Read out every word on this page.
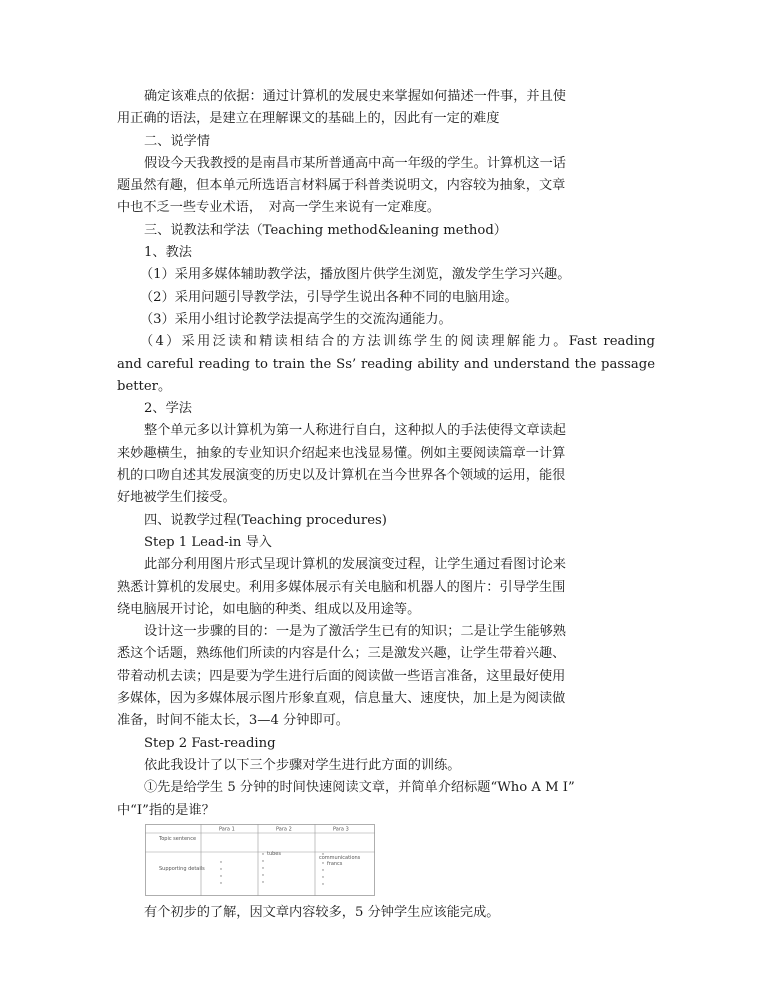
确定该难点的依据：通过计算机的发展史来掌握如何描述一件事，并且使
用正确的语法，是建立在理解课文的基础上的，因此有一定的难度
二、说学情
假设今天我教授的是南昌市某所普通高中高一年级的学生。计算机这一话
题虽然有趣，但本单元所选语言材料属于科普类说明文，内容较为抽象，文章
中也不乏一些专业术语，　对高一学生来说有一定难度。
三、说教法和学法（Teaching method&leaning method）
1、教法
（1）采用多媒体辅助教学法，播放图片供学生浏览，激发学生学习兴趣。
（2）采用问题引导教学法，引导学生说出各种不同的电脑用途。
（3）采用小组讨论教学法提高学生的交流沟通能力。
（4）采用泛读和精读相结合的方法训练学生的阅读理解能力。Fast reading
and careful reading to train the Ss’ reading ability and understand the passage
better。
2、学法
整个单元多以计算机为第一人称进行自白，这种拟人的手法使得文章读起
来妙趣横生，抽象的专业知识介绍起来也浅显易懂。例如主要阅读篇章一计算
机的口吻自述其发展演变的历史以及计算机在当今世界各个领域的运用，能很
好地被学生们接受。
四、说教学过程(Teaching procedures)
Step 1 Lead-in 导入
此部分利用图片形式呈现计算机的发展演变过程，让学生通过看图讨论来
熟悉计算机的发展史。利用多媒体展示有关电脑和机器人的图片：引导学生围
绕电脑展开讨论，如电脑的种类、组成以及用途等。
设计这一步骤的目的：一是为了激活学生已有的知识；二是让学生能够熟
悉这个话题，熟练他们所读的内容是什么；三是激发兴趣，让学生带着兴趣、
带着动机去读；四是要为学生进行后面的阅读做一些语言准备，这里最好使用
多媒体，因为多媒体展示图片形象直观，信息量大、速度快，加上是为阅读做
准备，时间不能太长，3—4 分钟即可。
Step 2 Fast-reading
依此我设计了以下三个步骤对学生进行此方面的训练。
①先是给学生 5 分钟的时间快速阅读文章，并简单介绍标题“Who A M I”
中“I”指的是谁？
Para 1	Para 2	Para 3
Topic sentence
Supporting details
tubes
communications
francs
有个初步的了解，因文章内容较多，5 分钟学生应该能完成。
